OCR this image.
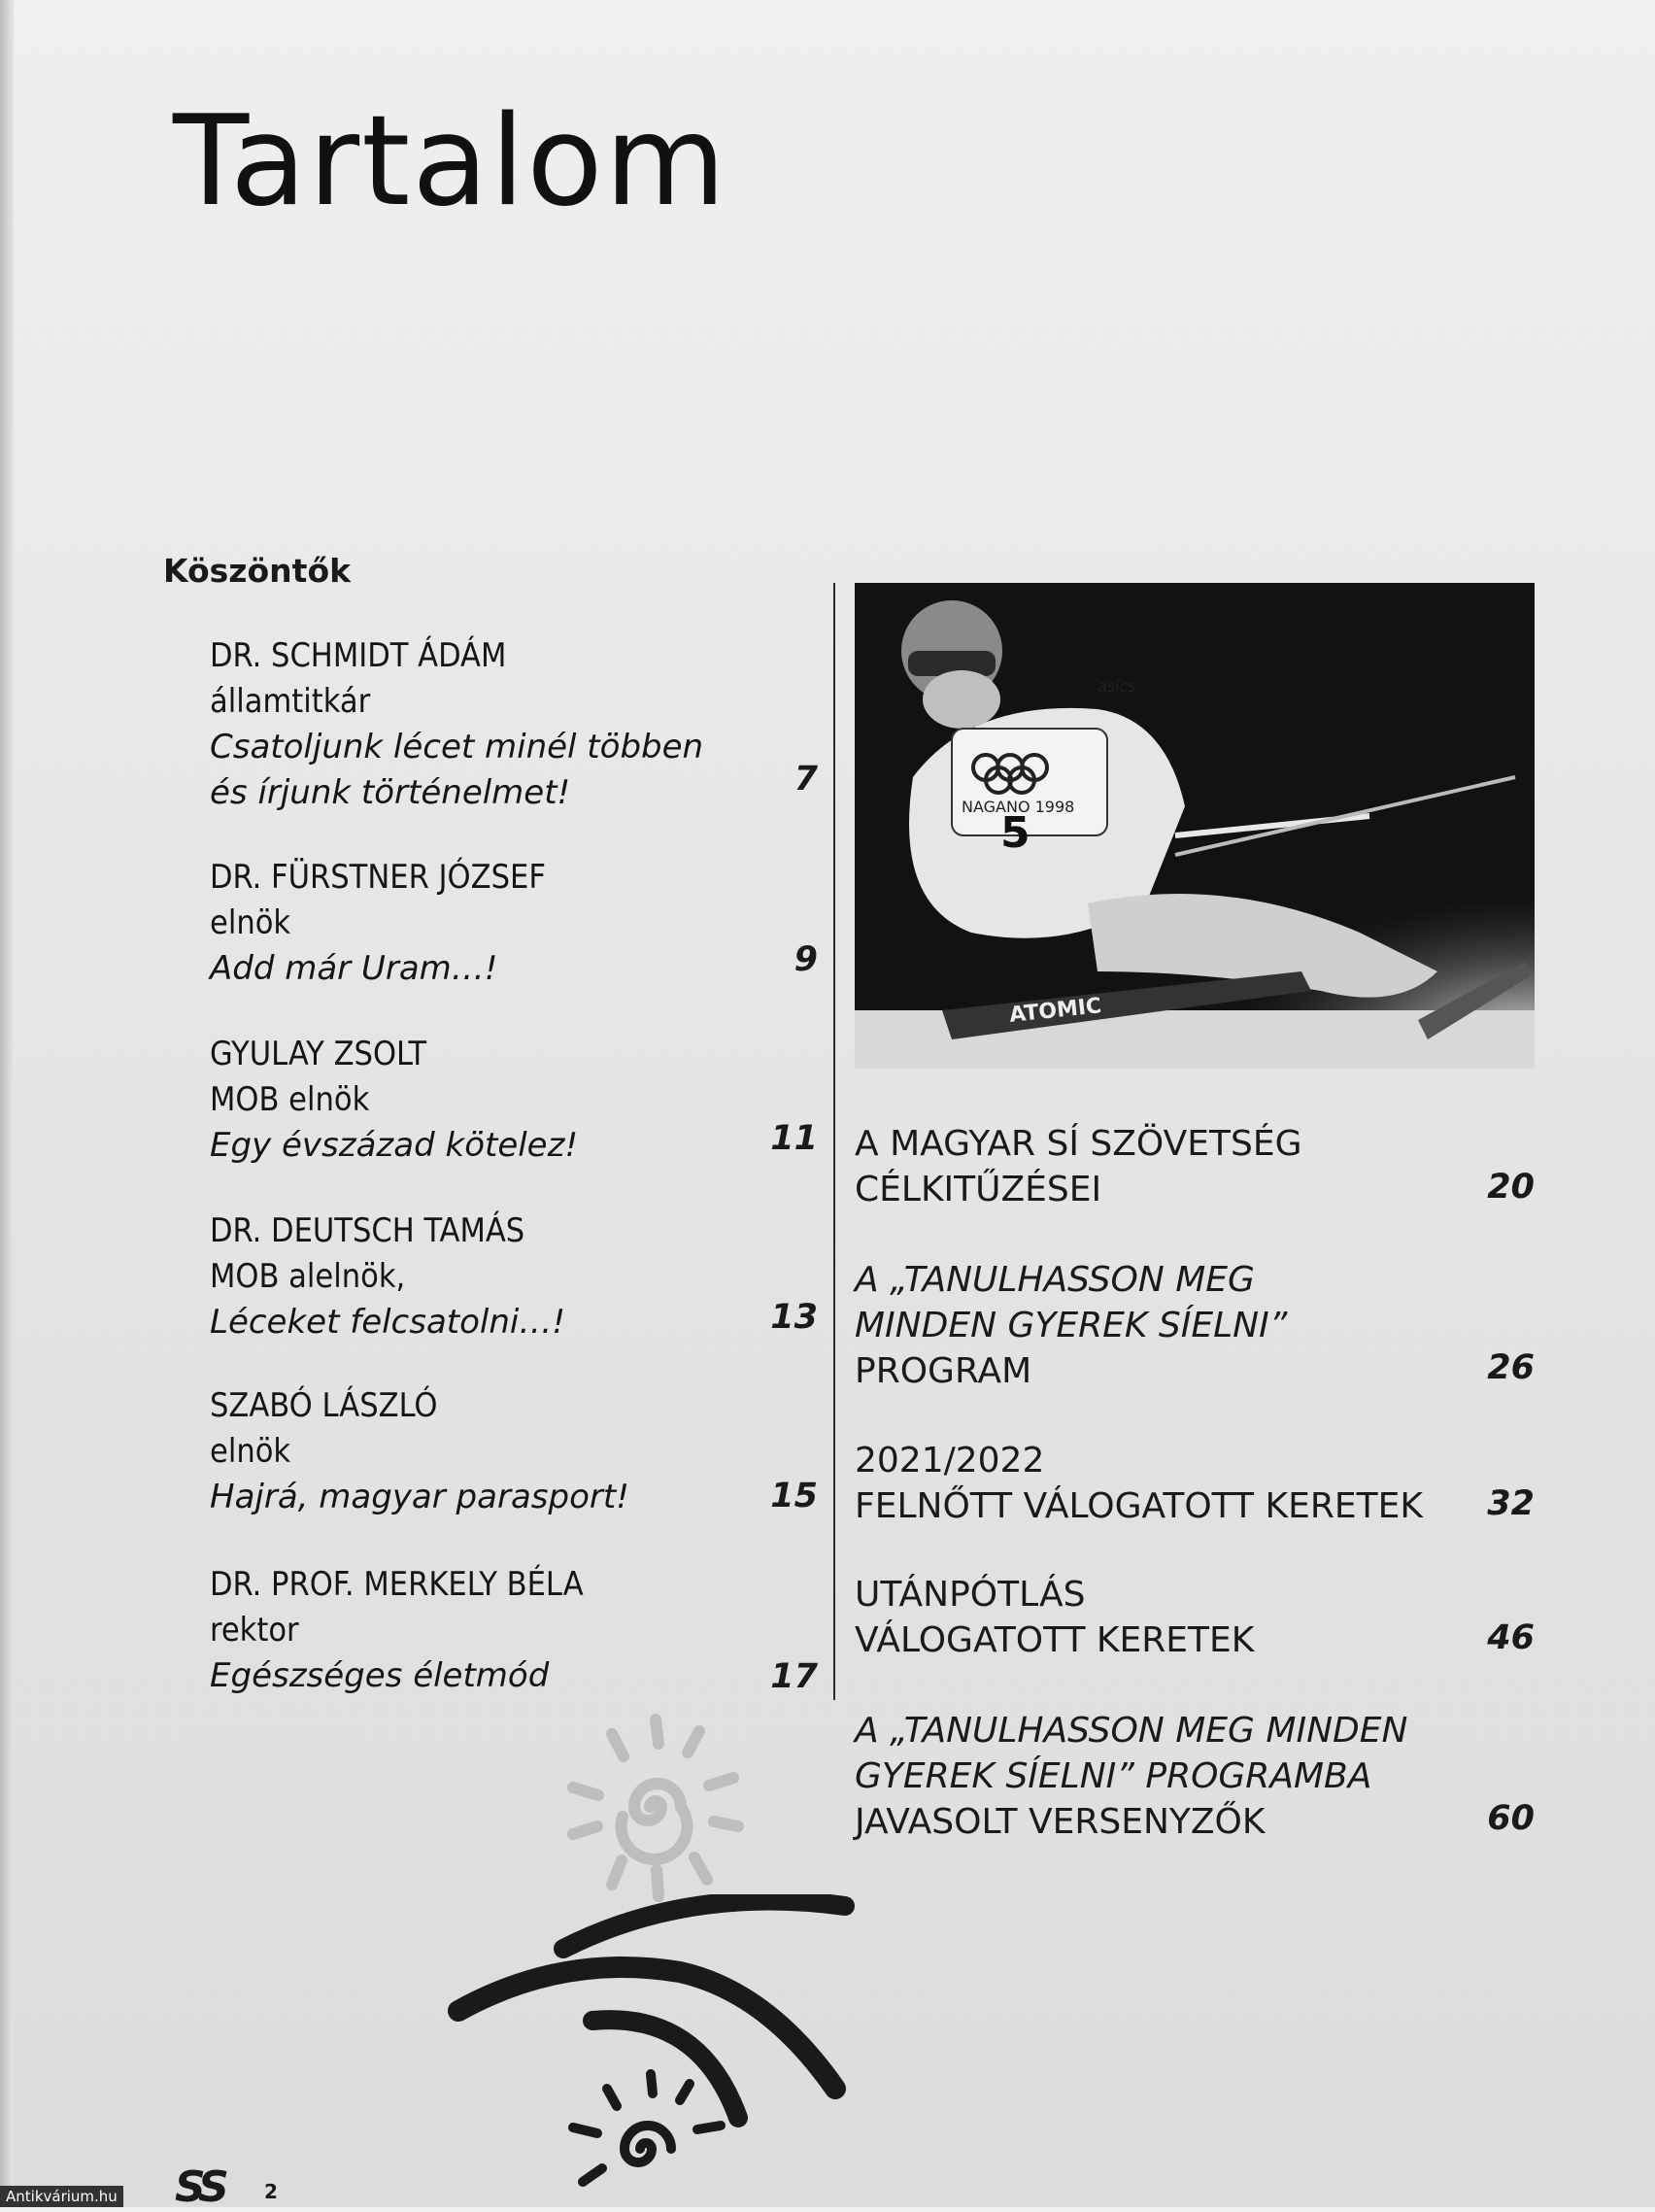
Tartalom
Köszöntők
DR. SCHMIDT ÁDÁM
államtitkár
Csatoljunk lécet minél többen
és írjunk történelmet!	7
DR. FÜRSTNER JÓZSEF
elnök
Add már Uram…!	9
GYULAY ZSOLT
MOB elnök
Egy évszázad kötelez!	11
DR. DEUTSCH TAMÁS
MOB alelnök,
Léceket felcsatolni…!	13
SZABÓ LÁSZLÓ
elnök
Hajrá, magyar parasport!	15
DR. PROF. MERKELY BÉLA
rektor
Egészséges életmód	17
5
NAGANO 1998
ATOMIC
asics
A MAGYAR SÍ SZÖVETSÉG
CÉLKITŰZÉSEI	20
A „TANULHASSON MEG
MINDEN GYEREK SÍELNI”
PROGRAM	26
2021/2022
FELNŐTT VÁLOGATOTT KERETEK	32
UTÁNPÓTLÁS
VÁLOGATOTT KERETEK	46
A „TANULHASSON MEG MINDEN
GYEREK SÍELNI” PROGRAMBA
JAVASOLT VERSENYZŐK	60
SS 2
Antikvárium.hu
